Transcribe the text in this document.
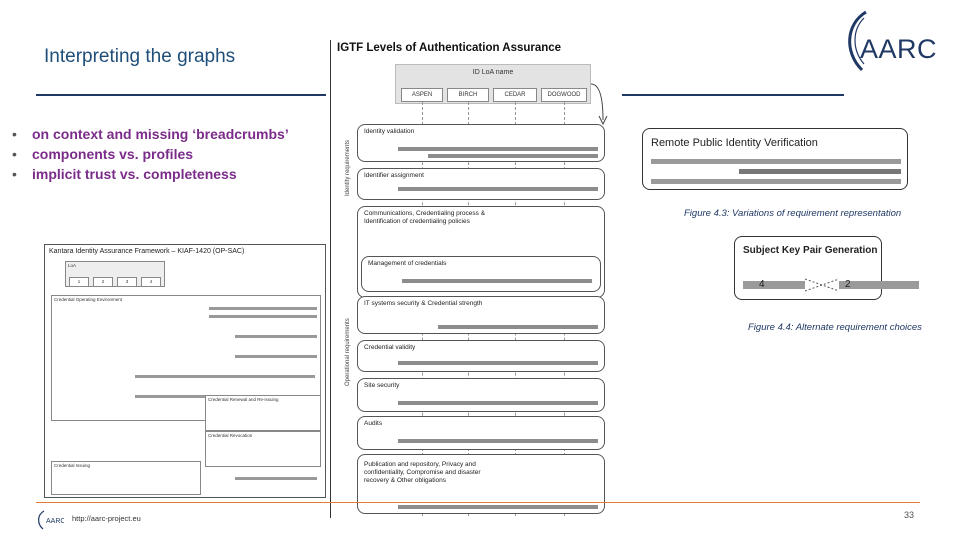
Interpreting the graphs
• on context and missing ‘breadcrumbs’
• components vs. profiles
• implicit trust vs. completeness
AARC
IGTF Levels of Authentication Assurance
ID LoA name
ASPEN	BIRCH	CEDAR	DOGWOOD
Identity requirements
Operational requirements
Identity validation
Identifier assignment
Communications, Credentialing process & Identification of credentialing policies
Management of credentials
IT systems security & Credential strength
Credential validity
Site security
Audits
Publication and repository, Privacy and confidentiality, Compromise and disaster recovery & Other obligations
Remote Public Identity Verification
Figure 4.3: Variations of requirement representation
Subject Key Pair Generation
4	2
Figure 4.4: Alternate requirement choices
Kantara Identity Assurance Framework – KIAF-1420 (OP-SAC)
LoA
1	2	3	4
Credential Operating Environment
Credential Renewal and Re-issuing
Credential Revocation
Credential Issuing
AARC http://aarc-project.eu	33
